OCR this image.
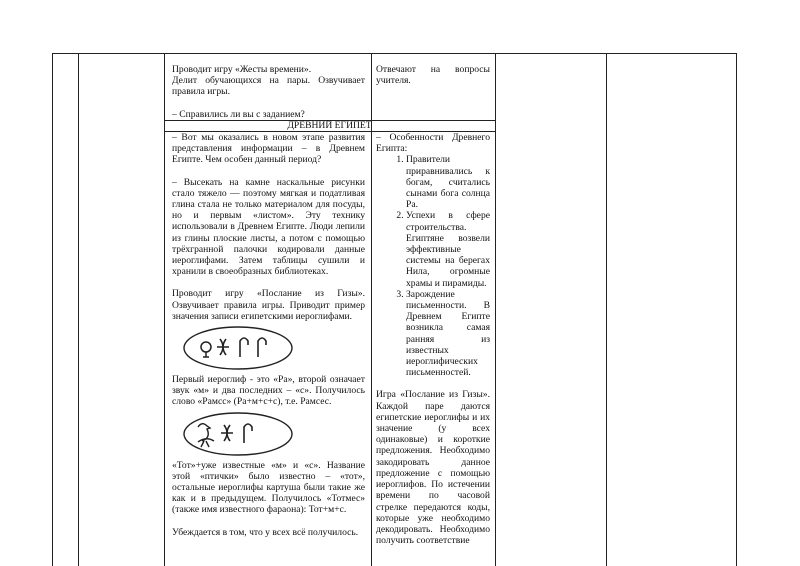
Проводит игру «Жесты времени».

Делит обучающихся на пары. Озвучивает правила игры.

– Справились ли вы с заданием?

Отвечают на вопросы учителя.

ДРЕВНИЙ ЕГИПЕТ

– Вот мы оказались в новом этапе развития представления информации – в Древнем Египте. Чем особен данный период?

– Высекать на камне наскальные рисунки стало тяжело — поэтому мягкая и податливая глина стала не только материалом для посуды, но и первым «листом». Эту технику использовали в Древнем Египте. Люди лепили из глины плоские листы, а потом с помощью трёхгранной палочки кодировали данные иероглифами. Затем таблицы сушили и хранили в своеобразных библиотеках.

Проводит игру «Послание из Гизы». Озвучивает правила игры. Приводит пример значения записи египетскими иероглифами.

Первый иероглиф - это «Ра», второй означает звук «м» и два последних – «с». Получилось слово «Рамсс» (Ра+м+с+с), т.е. Рамсес.

«Тот»+уже известные «м» и «с». Название этой «птички» было известно – «тот», остальные иероглифы картуша были такие же как и в предыдущем. Получилось «Тотмес» (также имя известного фараона): Тот+м+с.

Убеждается в том, что у всех всё получилось.

– Особенности Древнего Египта:

1. Правители приравнивались к богам, считались сынами бога солнца Ра.
2. Успехи в сфере строительства. Египтяне возвели эффективные системы на берегах Нила, огромные храмы и пирамиды.
3. Зарождение письменности. В Древнем Египте возникла самая ранняя из известных иероглифических письменностей.

Игра «Послание из Гизы». Каждой паре даются египетские иероглифы и их значение (у всех одинаковые) и короткие предложения. Необходимо закодировать данное предложение с помощью иероглифов. По истечении времени по часовой стрелке передаются коды, которые уже необходимо декодировать. Необходимо получить соответствие
